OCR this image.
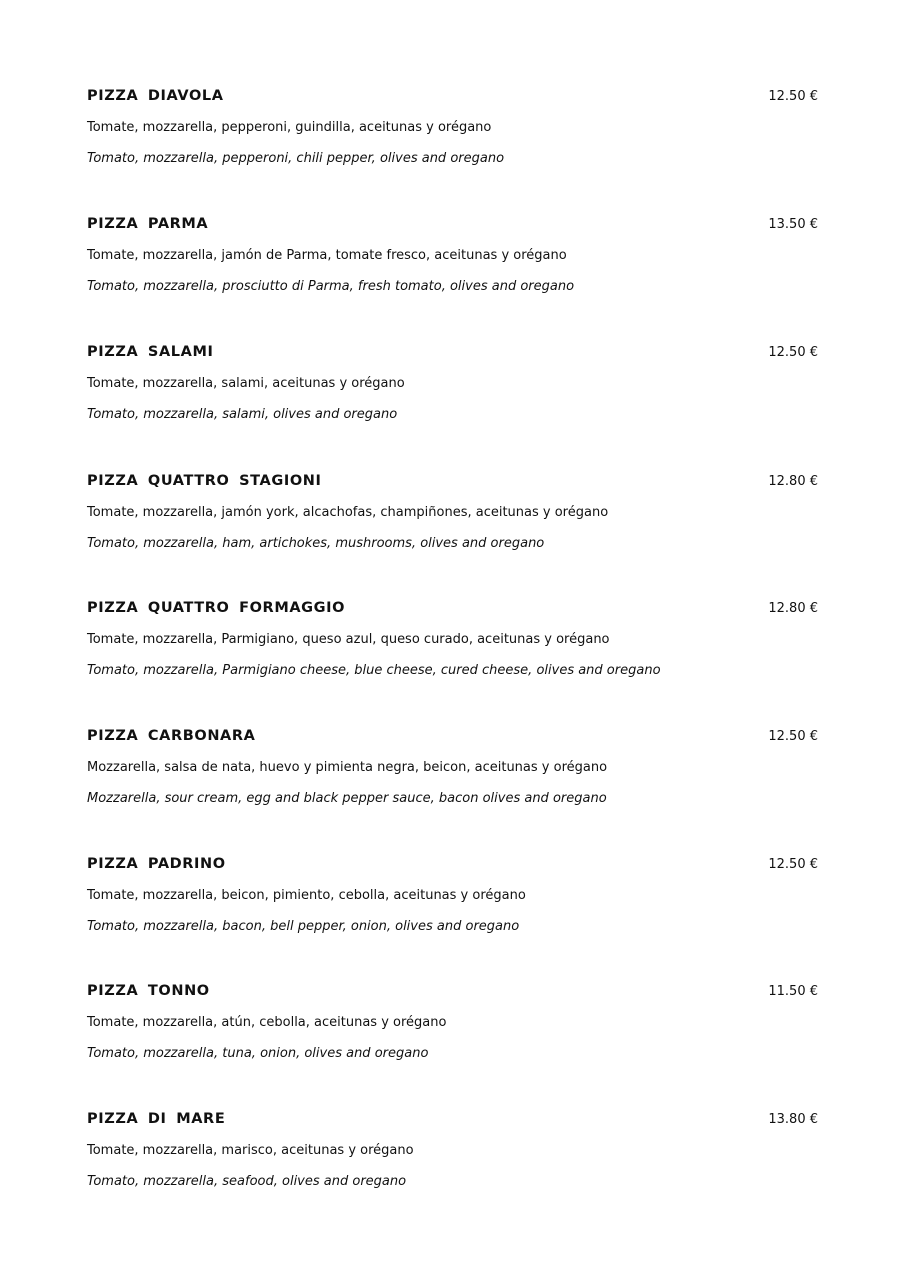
PIZZA DIAVOLA	12.50 €
Tomate, mozzarella, pepperoni, guindilla, aceitunas y orégano
Tomato, mozzarella, pepperoni, chili pepper, olives and oregano
PIZZA PARMA	13.50 €
Tomate, mozzarella, jamón de Parma, tomate fresco, aceitunas y orégano
Tomato, mozzarella, prosciutto di Parma, fresh tomato, olives and oregano
PIZZA SALAMI	12.50 €
Tomate, mozzarella, salami, aceitunas y orégano
Tomato, mozzarella, salami, olives and oregano
PIZZA QUATTRO STAGIONI	12.80 €
Tomate, mozzarella, jamón york, alcachofas, champiñones, aceitunas y orégano
Tomato, mozzarella, ham, artichokes, mushrooms, olives and oregano
PIZZA QUATTRO FORMAGGIO	12.80 €
Tomate, mozzarella, Parmigiano, queso azul, queso curado, aceitunas y orégano
Tomato, mozzarella, Parmigiano cheese, blue cheese, cured cheese, olives and oregano
PIZZA CARBONARA	12.50 €
Mozzarella, salsa de nata, huevo y pimienta negra, beicon, aceitunas y orégano
Mozzarella, sour cream, egg and black pepper sauce, bacon olives and oregano
PIZZA PADRINO	12.50 €
Tomate, mozzarella, beicon, pimiento, cebolla, aceitunas y orégano
Tomato, mozzarella, bacon, bell pepper, onion, olives and oregano
PIZZA TONNO	11.50 €
Tomate, mozzarella, atún, cebolla, aceitunas y orégano
Tomato, mozzarella, tuna, onion, olives and oregano
PIZZA DI MARE	13.80 €
Tomate, mozzarella, marisco, aceitunas y orégano
Tomato, mozzarella, seafood, olives and oregano
